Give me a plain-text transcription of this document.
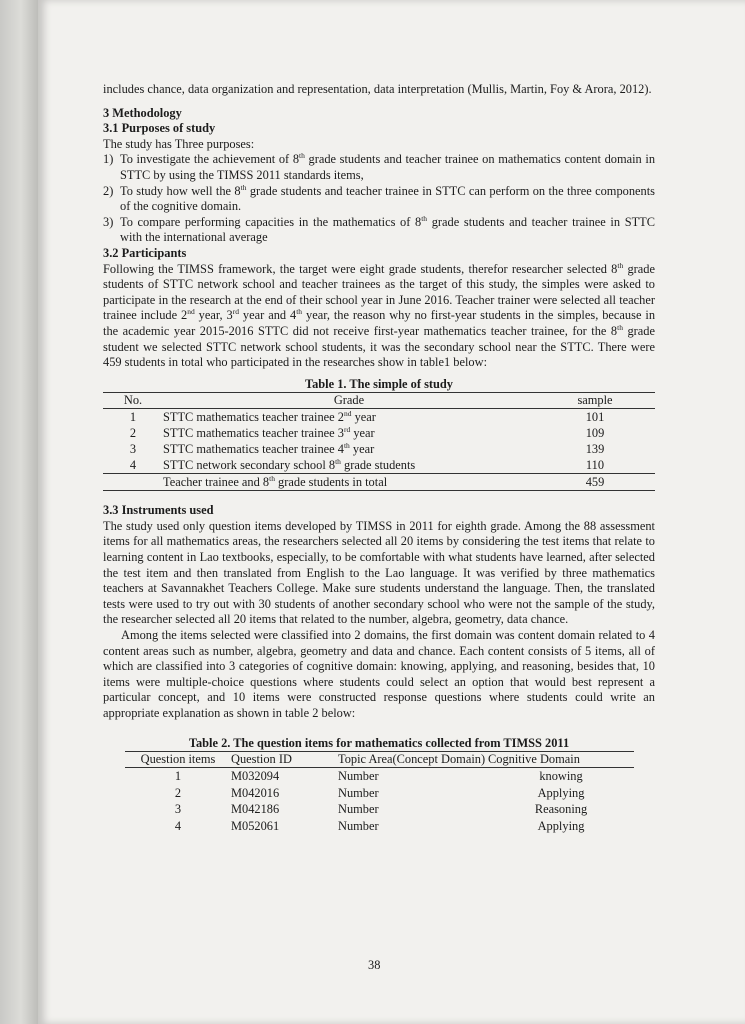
includes chance, data organization and representation, data interpretation (Mullis, Martin, Foy & Arora, 2012).

3 Methodology

3.1 Purposes of study

The study has Three purposes:

1) To investigate the achievement of 8th grade students and teacher trainee on mathematics content domain in STTC by using the TIMSS 2011 standards items,
2) To study how well the 8th grade students and teacher trainee in STTC can perform on the three components of the cognitive domain.
3) To compare performing capacities in the mathematics of 8th grade students and teacher trainee in STTC with the international average

3.2 Participants

Following the TIMSS framework, the target were eight grade students, therefor researcher selected 8th grade students of STTC network school and teacher trainees as the target of this study, the simples were asked to participate in the research at the end of their school year in June 2016. Teacher trainer were selected all teacher trainee include 2nd year, 3rd year and 4th year, the reason why no first-year students in the simples, because in the academic year 2015-2016 STTC did not receive first-year mathematics teacher trainee, for the 8th grade student we selected STTC network school students, it was the secondary school near the STTC. There were 459 students in total who participated in the researches show in table1 below:

Table 1. The simple of study

No.	Grade	sample
1	STTC mathematics teacher trainee 2nd year	101
2	STTC mathematics teacher trainee 3rd year	109
3	STTC mathematics teacher trainee 4th year	139
4	STTC network secondary school 8th grade students	110
	Teacher trainee and 8th grade students in total	459

3.3 Instruments used

The study used only question items developed by TIMSS in 2011 for eighth grade. Among the 88 assessment items for all mathematics areas, the researchers selected all 20 items by considering the test items that relate to learning content in Lao textbooks, especially, to be comfortable with what students have learned, after selected the test item and then translated from English to the Lao language. It was verified by three mathematics teachers at Savannakhet Teachers College. Make sure students understand the language. Then, the translated tests were used to try out with 30 students of another secondary school who were not the sample of the study, the researcher selected all 20 items that related to the number, algebra, geometry, data chance.

Among the items selected were classified into 2 domains, the first domain was content domain related to 4 content areas such as number, algebra, geometry and data and chance. Each content consists of 5 items, all of which are classified into 3 categories of cognitive domain: knowing, applying, and reasoning, besides that, 10 items were multiple-choice questions where students could select an option that would best represent a particular concept, and 10 items were constructed response questions where students could write an appropriate explanation as shown in table 2 below:

Table 2. The question items for mathematics collected from TIMSS 2011

Question items	Question ID	Topic Area(Concept Domain)	Cognitive Domain
1	M032094	Number	knowing
2	M042016	Number	Applying
3	M042186	Number	Reasoning
4	M052061	Number	Applying
38
